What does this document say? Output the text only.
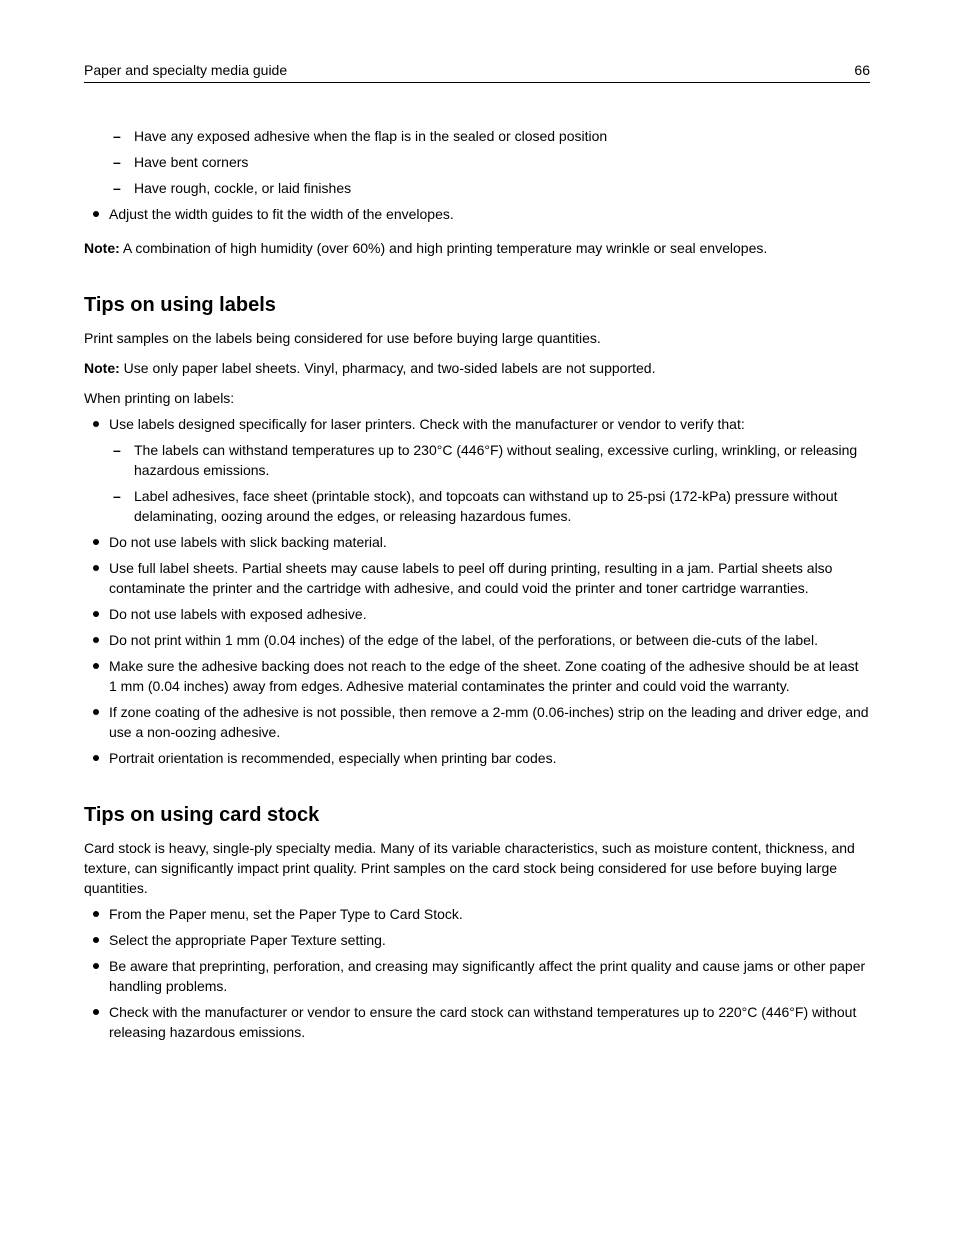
Paper and specialty media guide	66
– Have any exposed adhesive when the flap is in the sealed or closed position
– Have bent corners
– Have rough, cockle, or laid finishes
Adjust the width guides to fit the width of the envelopes.

Note: A combination of high humidity (over 60%) and high printing temperature may wrinkle or seal envelopes.

Tips on using labels

Print samples on the labels being considered for use before buying large quantities.

Note: Use only paper label sheets. Vinyl, pharmacy, and two-sided labels are not supported.

When printing on labels:

Use labels designed specifically for laser printers. Check with the manufacturer or vendor to verify that:
– The labels can withstand temperatures up to 230°C (446°F) without sealing, excessive curling, wrinkling, or releasing hazardous emissions.
– Label adhesives, face sheet (printable stock), and topcoats can withstand up to 25-psi (172-kPa) pressure without delaminating, oozing around the edges, or releasing hazardous fumes.
Do not use labels with slick backing material.
Use full label sheets. Partial sheets may cause labels to peel off during printing, resulting in a jam. Partial sheets also contaminate the printer and the cartridge with adhesive, and could void the printer and toner cartridge warranties.
Do not use labels with exposed adhesive.
Do not print within 1 mm (0.04 inches) of the edge of the label, of the perforations, or between die-cuts of the label.
Make sure the adhesive backing does not reach to the edge of the sheet. Zone coating of the adhesive should be at least 1 mm (0.04 inches) away from edges. Adhesive material contaminates the printer and could void the warranty.
If zone coating of the adhesive is not possible, then remove a 2-mm (0.06-inches) strip on the leading and driver edge, and use a non-oozing adhesive.
Portrait orientation is recommended, especially when printing bar codes.
Tips on using card stock

Card stock is heavy, single-ply specialty media. Many of its variable characteristics, such as moisture content, thickness, and texture, can significantly impact print quality. Print samples on the card stock being considered for use before buying large quantities.

From the Paper menu, set the Paper Type to Card Stock.
Select the appropriate Paper Texture setting.
Be aware that preprinting, perforation, and creasing may significantly affect the print quality and cause jams or other paper handling problems.
Check with the manufacturer or vendor to ensure the card stock can withstand temperatures up to 220°C (446°F) without releasing hazardous emissions.
